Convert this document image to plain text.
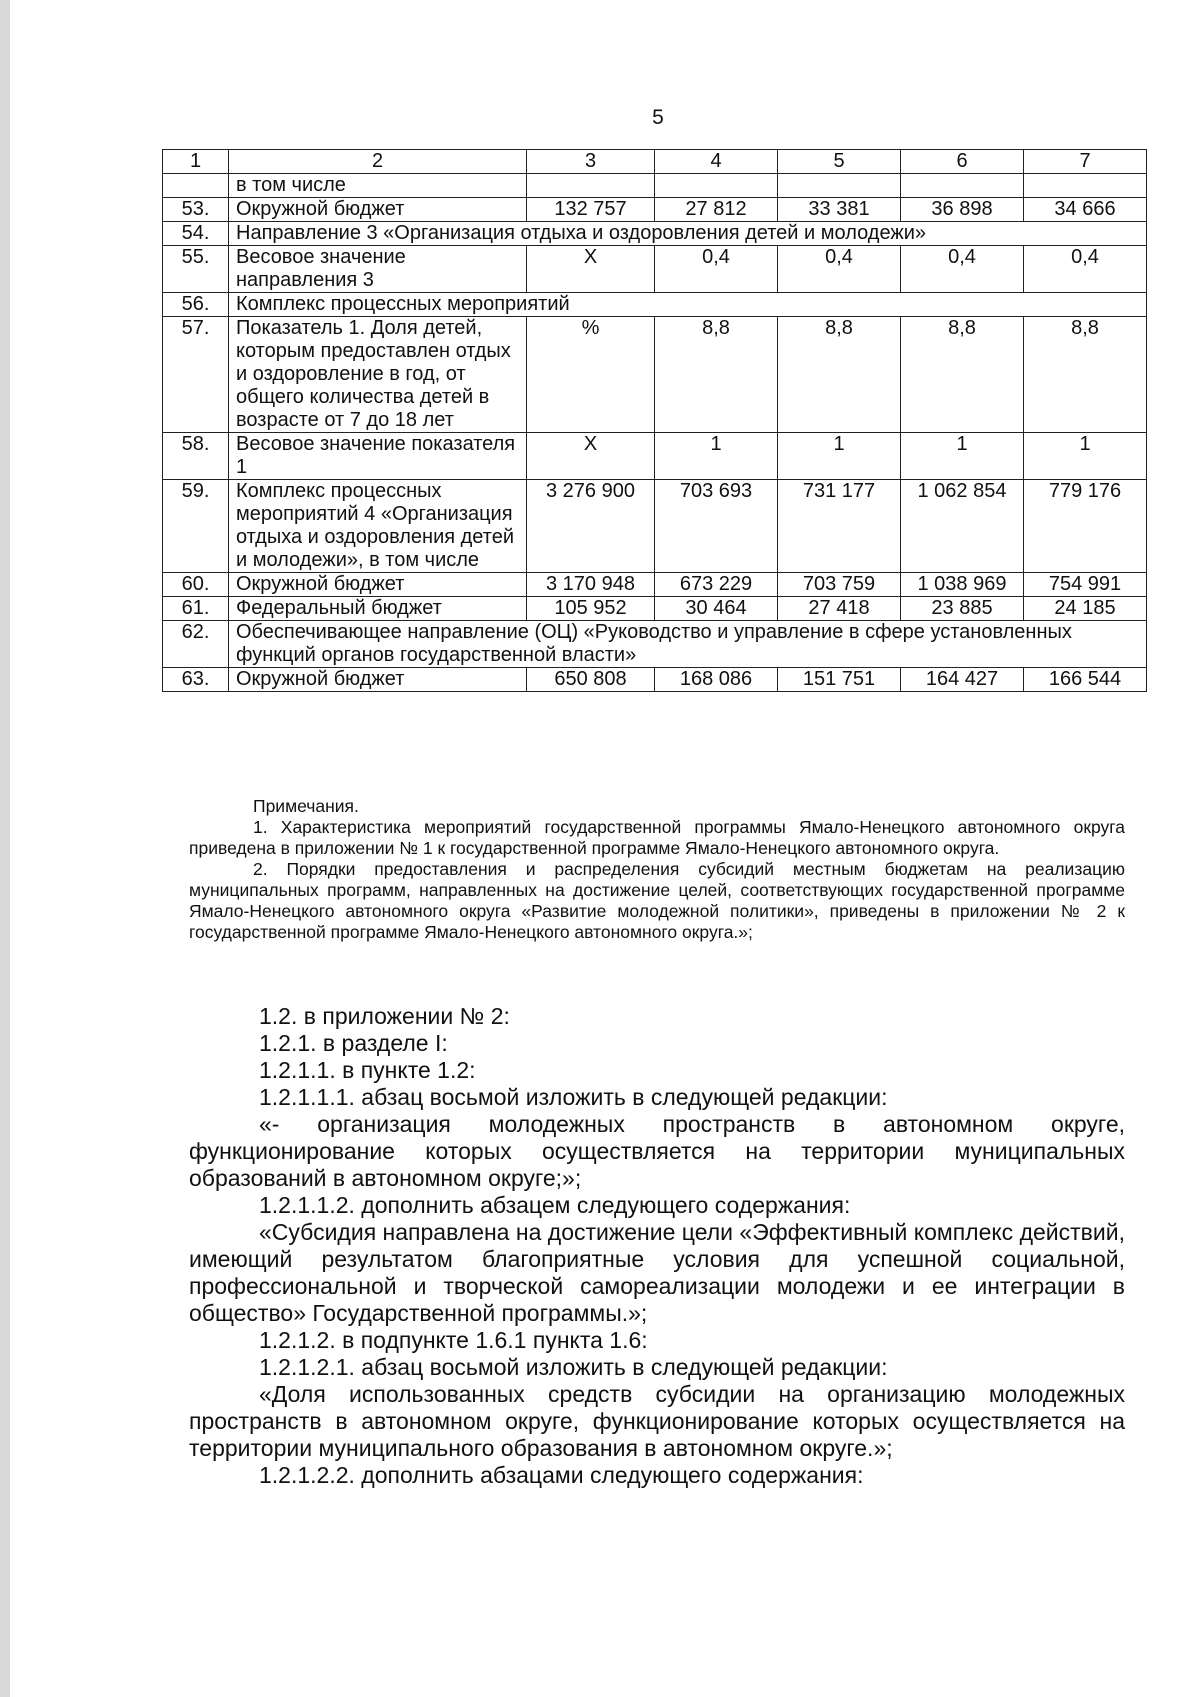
5
1	2	3	4	5	6	7
	в том числе					
53.	Окружной бюджет	132 757	27 812	33 381	36 898	34 666
54.	Направление 3 «Организация отдыха и оздоровления детей и молодежи»					
55.	Весовое значение направления 3	X	0,4	0,4	0,4	0,4
56.	Комплекс процессных мероприятий					
57.	Показатель 1. Доля детей, которым предоставлен отдых и оздоровление в год, от общего количества детей в возрасте от 7 до 18 лет	%	8,8	8,8	8,8	8,8
58.	Весовое значение показателя 1	X	1	1	1	1
59.	Комплекс процессных мероприятий 4 «Организация отдыха и оздоровления детей и молодежи», в том числе	3 276 900	703 693	731 177	1 062 854	779 176
60.	Окружной бюджет	3 170 948	673 229	703 759	1 038 969	754 991
61.	Федеральный бюджет	105 952	30 464	27 418	23 885	24 185
62.	Обеспечивающее направление (ОЦ) «Руководство и управление в сфере установленных функций органов государственной власти»					
63.	Окружной бюджет	650 808	168 086	151 751	164 427	166 544

Примечания.

1. Характеристика мероприятий государственной программы Ямало-Ненецкого автономного округа приведена в приложении № 1 к государственной программе Ямало-Ненецкого автономного округа.

2. Порядки предоставления и распределения субсидий местным бюджетам на реализацию муниципальных программ, направленных на достижение целей, соответствующих государственной программе Ямало-Ненецкого автономного округа «Развитие молодежной политики», приведены в приложении № 2 к государственной программе Ямало-Ненецкого автономного округа.»;

1.2. в приложении № 2:

1.2.1. в разделе I:

1.2.1.1. в пункте 1.2:

1.2.1.1.1. абзац восьмой изложить в следующей редакции:

«- организация молодежных пространств в автономном округе, функционирование которых осуществляется на территории муниципальных образований в автономном округе;»;

1.2.1.1.2. дополнить абзацем следующего содержания:

«Субсидия направлена на достижение цели «Эффективный комплекс действий, имеющий результатом благоприятные условия для успешной социальной, профессиональной и творческой самореализации молодежи и ее интеграции в общество» Государственной программы.»;

1.2.1.2. в подпункте 1.6.1 пункта 1.6:

1.2.1.2.1. абзац восьмой изложить в следующей редакции:

«Доля использованных средств субсидии на организацию молодежных пространств в автономном округе, функционирование которых осуществляется на территории муниципального образования в автономном округе.»;

1.2.1.2.2. дополнить абзацами следующего содержания:
